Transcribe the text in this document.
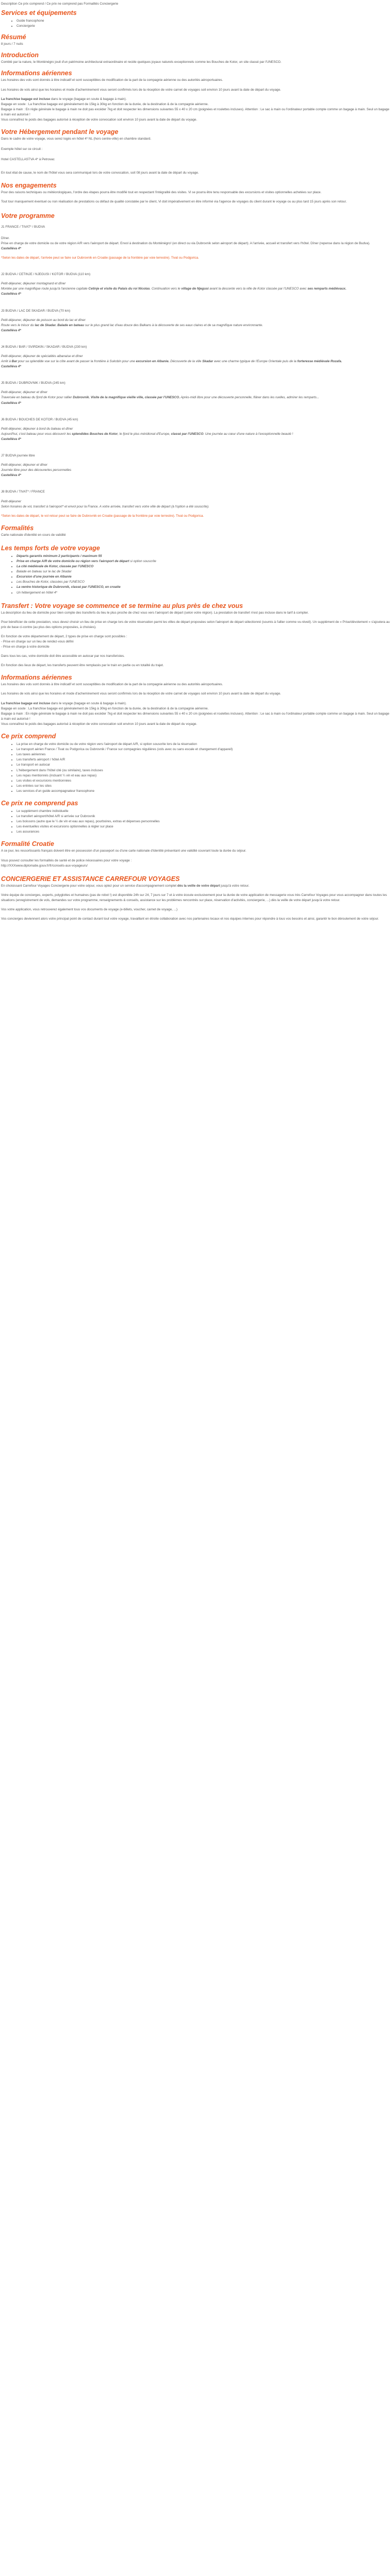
Description Ce prix comprend / Ce prix ne comprend pas Formalités Conciergerie
Services et équipements
• Guide francophone
• Conciergerie
Résumé
8 jours / 7 nuits
Introduction
Comblé par la nature, le Monténégro jouit d'un patrimoine architectural extraordinaire et recèle quelques joyaux naturels exceptionnels comme les Bouches de Kotor, un site classé par l'UNESCO.
Informations aériennes
Les horaires des vols sont donnés à titre indicatif et sont susceptibles de modification de la part de la compagnie aérienne ou des autorités aéroportuaires.
Les horaires de vols ainsi que les horaires et mode d'acheminement vous seront confirmés lors de la réception de votre carnet de voyages soit environ 10 jours avant la date de départ du voyage.
La franchise bagage est incluse dans le voyage (bagage en soute & bagage à main).
Bagage en soute : La franchise bagage est généralement de 15kg à 30kg en fonction de la durée, de la destination & de la compagnie aérienne.
Bagage à main : En règle générale le bagage à main ne doit pas excéder 7kg et doit respecter les dimensions suivantes 55 x 40 x 20 cm (poignées et roulettes incluses). Attention : Le sac à main ou l'ordinateur portable compte comme un bagage à main. Seul un bagage à main est autorisé !
Vous connaîtrez le poids des bagages autorisé à réception de votre convocation soit environ 10 jours avant la date de départ du voyage.
Votre Hébergement pendant le voyage
Dans le cadre de votre voyage, vous serez logés en hôtel 4* NL (hors centre-ville) en chambre standard.
Exemple hôtel sur ce circuit :
Hotel CASTELLASTVA 4* à Petrovac
En tout état de cause, le nom de l'hôtel vous sera communiqué lors de votre convocation, soit 08 jours avant la date de départ du voyage.
Nos engagements
Pour des raisons techniques ou météorologiques, l'ordre des étapes pourra être modifié tout en respectant l'intégralité des visites. Vi se pourra être tenu responsable des excursions et visites optionnelles achetées sur place.
Tout tour manquement éventuel ou non réalisation de prestations ou défaut de qualité constatée par le client, Vi doit impérativement en être informé via l'agence de voyages du client durant le voyage ou au plus tard 15 jours après son retour.
Votre programme
J1 FRANCE / TIVAT* / BUDVA
Dîner.
Prise en charge de votre domicile ou de votre région A/R vers l'aéroport de départ. Envol à destination du Monténégro! (en direct ou via Dubrovnik selon aéroport de départ). A l'arrivée, accueil et transfert vers l'hôtel. Dîner (repense dans la région de Budva).
Castelléva 4*
*Selon les dates de départ, l'arrivée peut se faire sur Dubrovnik en Croatie (passage de la frontière par voie terrestre). Tivat ou Podgorica.
J2 BUDVA / CETINJE / NJEGUSI / KOTOR / BUDVA (110 km)
Petit-déjeuner, déjeuner montagnard et dîner
Montée par une magnifique route jusqu'à l'ancienne capitale Cetinje et visite du Palais du roi Nicolas. Continuation vers le village de Njegusi avant la descente vers la ville de Kotor classée par l'UNESCO avec ses remparts médiévaux.
Castelléva 4*
J3 BUDVA / LAC DE SKADAR / BUDVA (70 km)
Petit-déjeuner, déjeuner de poisson au bord du lac et dîner
Route vers le trésor du lac de Skadar. Balade en bateau sur le plus grand lac d'eau douce des Balkans à la découverte de ses eaux claires et de sa magnifique nature environnante.
Castelléva 4*
J4 BUDVA / BAR / SVIRDKIN / SKADAR / BUDVA (230 km)
Petit-déjeuner, déjeuner de spécialités albanaise et dîner
Arrêt à Bar pour sa splendide vue sur la côte avant de passer la frontière à Sukobin pour une excursion en Albanie. Découverte de la ville Skadar avec une charme typique de l'Europe Orientale puis de la forteresse médiévale Rozafa.
Castelléva 4*
J5 BUDVA / DUBROVNIK / BUDVA (245 km)
Petit-déjeuner, déjeuner et dîner
Traversée en bateau du fjord de Kotor pour rallier Dubrovnik. Visite de la magnifique vieille ville, classée par l'UNESCO. Après-midi libre pour une découverte personnelle, flâner dans les ruelles, admirer les remparts...
Castelléva 4*
J6 BUDVA / BOUCHES DE KOTOR / BUDVA (45 km)
Petit-déjeuner, déjeuner à bord du bateau et dîner
Aujourd'hui, c'est bateau pour vous découvrir les splendides Bouches de Kotor, le fjord le plus méridional d'Europe, classé par l'UNESCO. Une journée au cœur d'une nature à l'exceptionnelle beauté !
Castelléva 4*
J7 BUDVA journée libre
Petit-déjeuner, déjeuner et dîner
Journée libre pour des découvertes personnelles
Castelléva 4*
J8 BUDVA / TIVAT* / FRANCE
Petit-déjeuner
Selon horaires de vol, transfert à l'aéroport* et envol pour la France. A votre arrivée, transfert vers votre ville de départ (à l'option a été souscrite).
*Selon les dates de départ, le vol retour peut se faire de Dubrovnik en Croatie (passage de la frontière par voie terrestre). Tivat ou Podgorica.
Formalités
Carte nationale d'identité en cours de validité
Les temps forts de votre voyage
• Départs garantis minimum 2 participants / maximum 55
• Prise en charge A/R de votre domicile ou région vers l'aéroport de départ si option souscrite
• La cité médiévale de Kotor, classée par l'UNESCO
• Balade en bateau sur le lac de Skadar
• Excursion d'une journée en Albanie
• Les Bouches de Kotor, classées par l'UNESCO
• La ventre historique de Dubrovnik, classé par l'UNESCO, en croatie
• Un hébergement en hôtel 4*
Transfert : Votre voyage se commence et se termine au plus près de chez vous
La description du lieu de domicile pour bien compte des transferts du lieu le plus proche de chez vous vers l'aéroport de départ (selon votre région). La prestation de transfert n'est pas incluse dans le tarif à compter.
Pour bénéficier de cette prestation, vous devez choisir un lieu de prise en charge lors de votre réservation parmi les villes de départ proposées selon l'aéroport de départ sélectionné (soumis à l'allier comme vu-réveil). Un supplément de « Prise/dévolement » s'ajoutera au prix de base ci-contre (au plus des options proposées, à choisies).
En fonction de votre département de départ, 2 types de prise en charge sont possibles :
- Prise en charge sur un lieu de rendez-vous défini
- Prise en charge à votre domicile
Dans tous les cas, votre domicile doit être accessible en autocar par nos transferistes.
En fonction des lieux de départ, les transferts peuvent être remplacés par le train en partie ou en totalité du trajet.
Informations aériennes
Les horaires des vols sont donnés à titre indicatif et sont susceptibles de modification de la part de la compagnie aérienne ou des autorités aéroportuaires.
Les horaires de vols ainsi que les horaires et mode d'acheminement vous seront confirmés lors de la réception de votre carnet de voyages soit environ 10 jours avant la date de départ du voyage.
La franchise bagage est incluse dans le voyage (bagage en soute & bagage à main).
Bagage en soute : La franchise bagage est généralement de 15kg à 30kg en fonction de la durée, de la destination & de la compagnie aérienne.
Bagage à main : En règle générale le bagage à main ne doit pas excéder 7kg et doit respecter les dimensions suivantes 55 x 40 x 20 cm (poignées et roulettes incluses). Attention : Le sac à main ou l'ordinateur portable compte comme un bagage à main. Seul un bagage à main est autorisé !
Vous connaîtrez le poids des bagages autorisé à réception de votre convocation soit environ 10 jours avant la date de départ du voyage.
Ce prix comprend
• La prise en charge de votre domicile ou de votre région vers l'aéroport de départ A/R, si option souscrite lors de la réservation
• Le transport aérien France / Tivat ou Podgorica ou Dubrovnik / France sur compagnies régulières (vols avec ou sans escale et changement d'appareil)
• Les taxes aériennes
• Les transferts aéroport / hôtel A/R
• Le transport en autocar
• L'hébergement dans l'hôtel cité (ou similaire), taxes incluses
• Les repas mentionnés (incluant ¼ vin et eau aux repas)
• Les visites et excursions mentionnées
• Les entrées sur les sites
• Les services d'un guide accompagnateur francophone
Ce prix ne comprend pas
• Le supplément chambre individuelle
• Le transfert aéroport/hôtel A/R si arrivée sur Dubrovnik
• Les boissons (autre que le ¼ de vin et eau aux repas), pourboires, extras et dépenses personnelles
• Les éventuelles visites et excursions optionnelles à régler sur place
• Les assurances
Formalité Croatie
A ce jour, les ressortissants français doivent être en possession d'un passeport ou d'une carte nationale d'identité présentant une validité couvrant toute la durée du séjour.
Vous pouvez consulter les formalités de santé et de police nécessaires pour votre voyage :
http://XXXwww.diplomatie.gouv.fr/fr/conseils-aux-voyageurs/
CONCIERGERIE ET ASSISTANCE CARREFOUR VOYAGES
En choisissant Carrefour Voyages Conciergerie pour votre séjour, vous optez pour un service d'accompagnement complet dès la veille de votre départ jusqu'à votre retour.
Votre équipe de concierges, experts, polyglottes et humaines (pas de robot !) est disponible 24h sur 24, 7 jours sur 7 et à votre écoute exclusivement pour la durée de votre application de messagerie vous très Carrefour Voyages pour vous accompagner dans toutes les situations (enregistrement de vols, demandes sur votre programme, renseignements & conseils, assistance sur les problèmes rencontrés sur place, réservation d'activités, conciergerie, ...) dès la veille de votre départ jusqu'à votre retour.
Vos votre application, vous retrouverez également tous vos documents de voyage (e-billets, voucher, carnet de voyage, ...)
Vos concierges deviennent alors votre principal point de contact durant tout votre voyage, travaillant en étroite collaboration avec nos partenaires locaux et nos équipes internes pour répondre à tous vos besoins et ainsi, garantir le bon déroulement de votre séjour.
